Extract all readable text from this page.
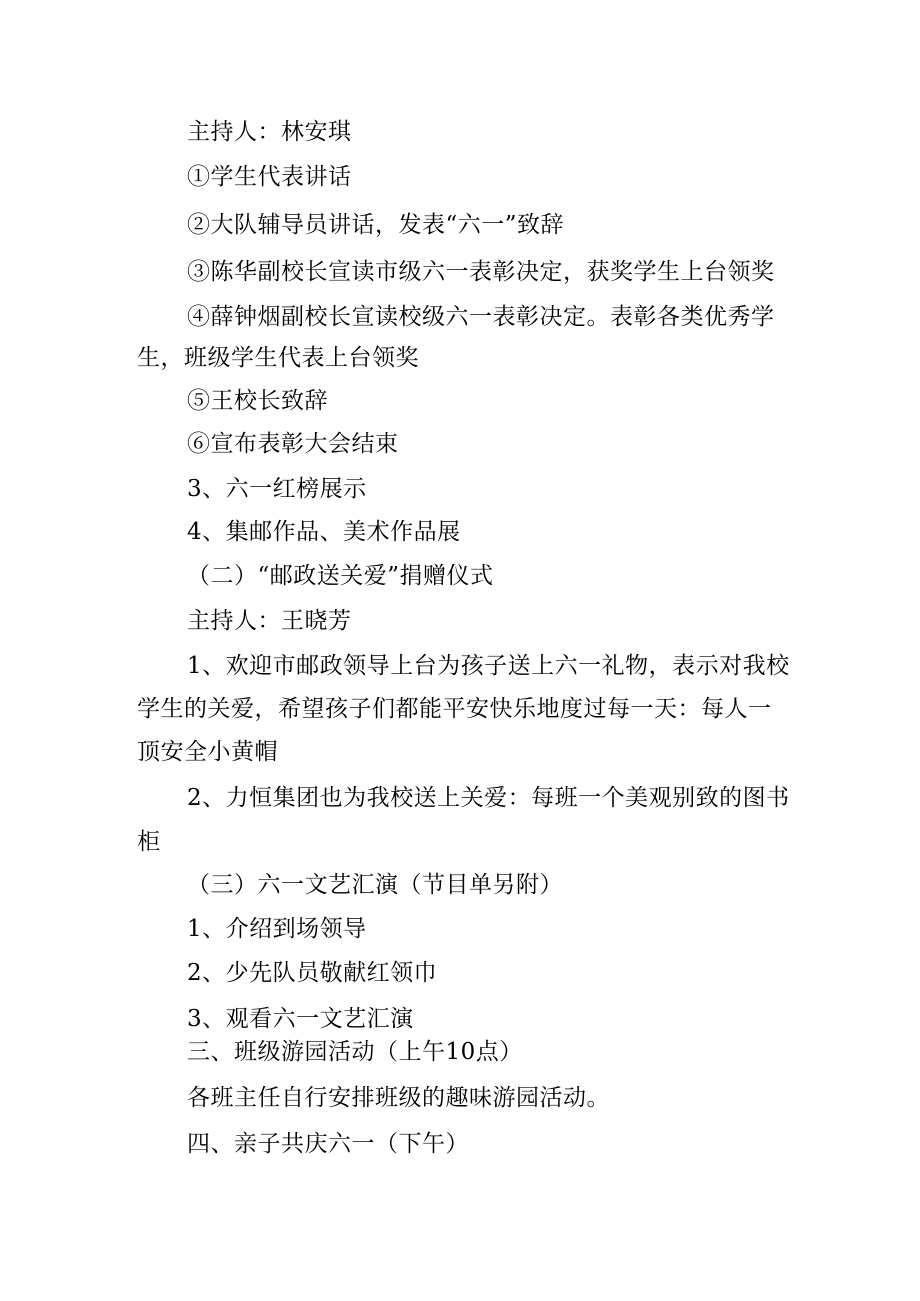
主持人：林安琪
①学生代表讲话
②大队辅导员讲话，发表“六一”致辞
③陈华副校长宣读市级六一表彰决定，获奖学生上台领奖
④薛钟烟副校长宣读校级六一表彰决定。表彰各类优秀学
生，班级学生代表上台领奖
⑤王校长致辞
⑥宣布表彰大会结束
3、六一红榜展示
4、集邮作品、美术作品展
（二）“邮政送关爱”捐赠仪式
主持人：王晓芳
1、欢迎市邮政领导上台为孩子送上六一礼物，表示对我校
学生的关爱，希望孩子们都能平安快乐地度过每一天：每人一
顶安全小黄帽
2、力恒集团也为我校送上关爱：每班一个美观别致的图书
柜
（三）六一文艺汇演（节目单另附）
1、介绍到场领导
2、少先队员敬献红领巾
3、观看六一文艺汇演
三、班级游园活动（上午10点）
各班主任自行安排班级的趣味游园活动。
四、亲子共庆六一（下午）
